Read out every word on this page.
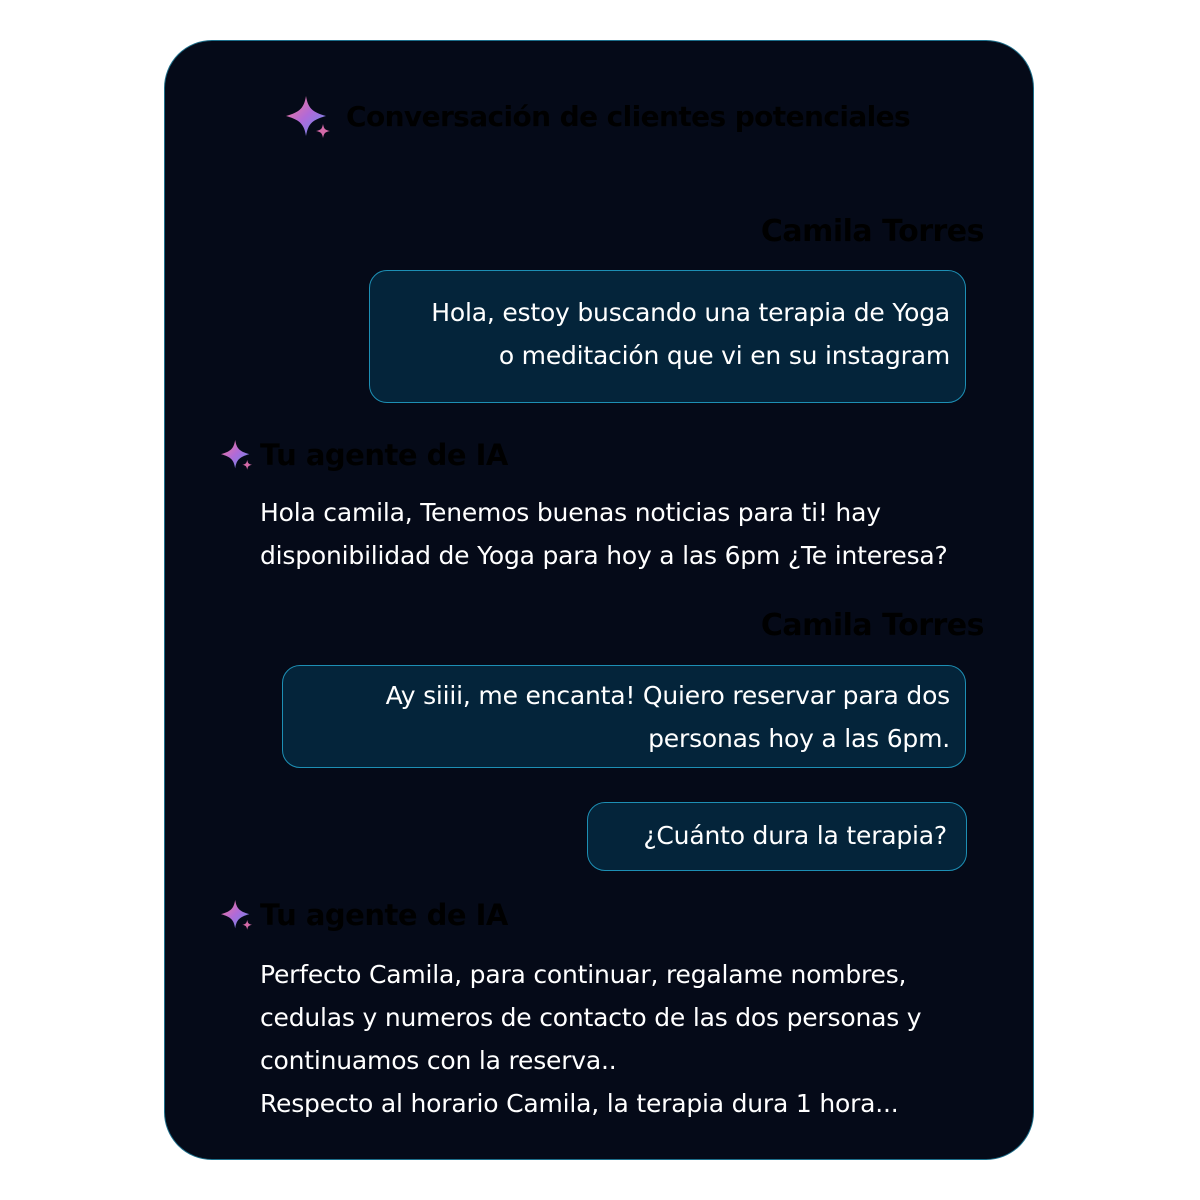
Conversación de clientes potenciales
Camila Torres
Hola, estoy buscando una terapia de Yoga
o meditación que vi en su instagram
Tu agente de IA
Hola camila, Tenemos buenas noticias para ti! hay
disponibilidad de Yoga para hoy a las 6pm ¿Te interesa?
Camila Torres
Ay siiii, me encanta! Quiero reservar para dos
personas hoy a las 6pm.
¿Cuánto dura la terapia?
Tu agente de IA
Perfecto Camila, para continuar, regalame nombres,
cedulas y numeros de contacto de las dos personas y
continuamos con la reserva..
Respecto al horario Camila, la terapia dura 1 hora...
